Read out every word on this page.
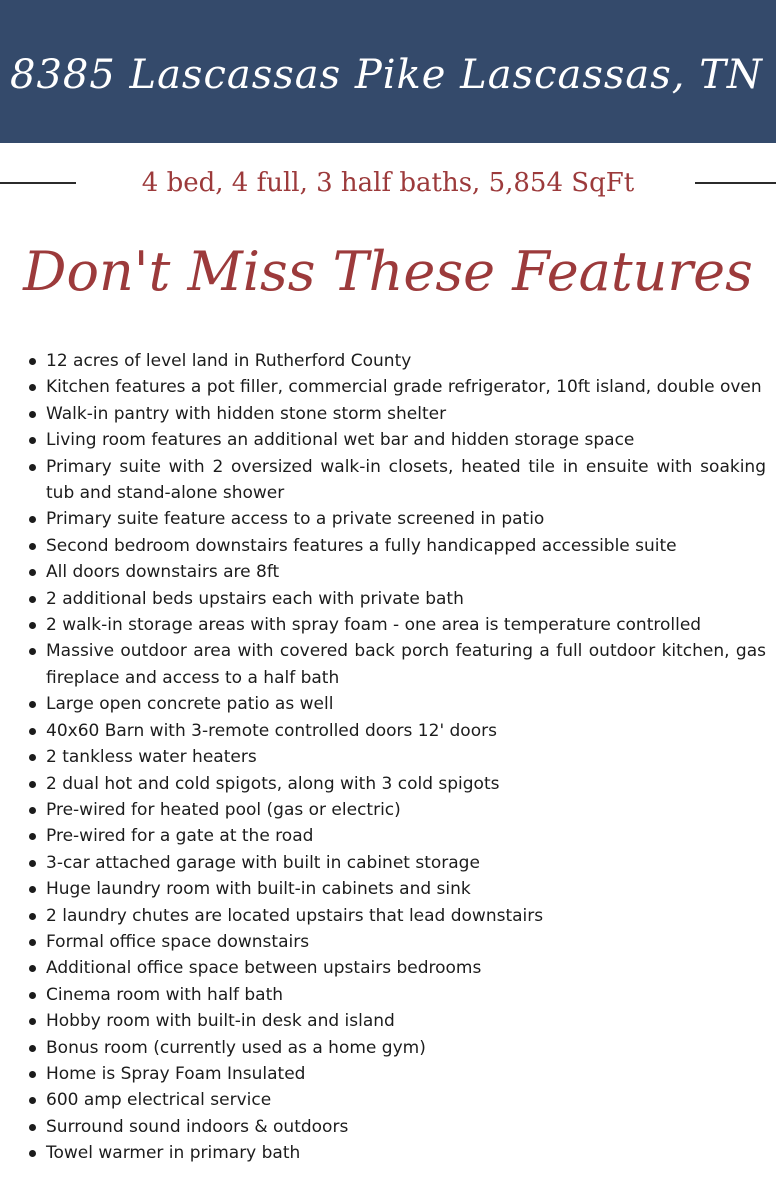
8385 Lascassas Pike Lascassas, TN

4 bed, 4 full, 3 half baths, 5,854 SqFt

Don't Miss These Features
12 acres of level land in Rutherford County
Kitchen features a pot filler, commercial grade refrigerator, 10ft island, double oven
Walk-in pantry with hidden stone storm shelter
Living room features an additional wet bar and hidden storage space
Primary suite with 2 oversized walk-in closets, heated tile in ensuite with soaking tub and stand-alone shower
Primary suite feature access to a private screened in patio
Second bedroom downstairs features a fully handicapped accessible suite
All doors downstairs are 8ft
2 additional beds upstairs each with private bath
2 walk-in storage areas with spray foam - one area is temperature controlled
Massive outdoor area with covered back porch featuring a full outdoor kitchen, gas fireplace and access to a half bath
Large open concrete patio as well
40x60 Barn with 3-remote controlled doors 12' doors
2 tankless water heaters
2 dual hot and cold spigots, along with 3 cold spigots
Pre-wired for heated pool (gas or electric)
Pre-wired for a gate at the road
3-car attached garage with built in cabinet storage
Huge laundry room with built-in cabinets and sink
2 laundry chutes are located upstairs that lead downstairs
Formal office space downstairs
Additional office space between upstairs bedrooms
Cinema room with half bath
Hobby room with built-in desk and island
Bonus room (currently used as a home gym)
Home is Spray Foam Insulated
600 amp electrical service
Surround sound indoors & outdoors
Towel warmer in primary bath
